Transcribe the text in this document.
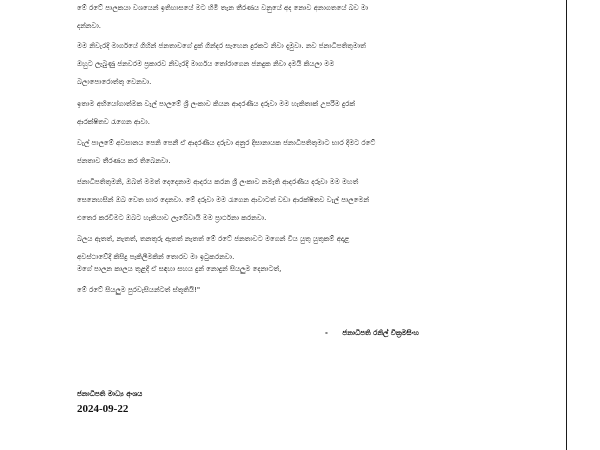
මේ රටේ පාලකයා වශයෙන් ඉතිහාසයේ මට හිමි තැන තීරණය වනුයේ අද නොව අනාගතයේ බව මා
දන්නවා.
මම නිවැරදි මාර්ගයේ ගිහින් ජනතාවගේ දුක් ගින්දර සැහෙන දුරකට නිවා දැමුවා. නව ජනාධිපතිතුමාත්
ඔහුට ලැබුණු ජනවරම ප්‍රකාරව නිවැරදි මාර්ගය තෝරාගෙන ජනදුක නිවා දමයි කියලා මම
බලාපොරොත්තු වෙනවා.
ඉතාම අභියෝගාත්මක වැල් පාලමේ ශ්‍රී ලංකාව කියන ආදරණීය දරුවා මම හැකිතාක් උපරිම දුරක්
ආරක්ෂිතව රැගෙන ආවා.
වැල් පාලමේ අවසානය පෙනි පෙනී ඒ ආදරණීය දරුවා අනුර දිසානායක ජනාධිපතිතුමාට භාර දීමට රටේ
ජනතාව තීරණය කර තිබෙනවා.
ජනාධිපතිතුමනි, ඔබත් මමත් දෙදෙනාම ආදරය කරන ශ්‍රී ලංකාව නමැති ආදරණීය දරුවා මම මහත්
සෙනෙහසින් ඔබ වෙත භාර දෙනවා. මේ දරුවා මම රැගෙන ආවාටත් වඩා ආරක්ෂිතව වැල් පාලමෙන්
එතෙර කරවීමට ඔබට හැකියාව ලැබේවායි මම ප්‍රාර්ථනා කරනවා.
බලය ඇතත්, නැතත්, තනතුරු ඇතත් නැතත් මේ රටේ ජනතාවට මගෙන් විය යුතු යුතුකම් අදාළ
අවස්ථාවේදී කිසිදු පැකිලීමකින් තොරව මා ඉටුකරනවා.
මගේ පාලන කාලය තුළදී ඒ සඳහා සහය දුන් නොදුන් සියලුම දෙනාටත්,
මේ රටේ සියලුම පුරවැසියන්ටත් ස්තූතියි!"
- ජනාධිපති රනිල් වික්‍රමසිංහ
ජනාධිපති මාධ්‍ය අංශය
2024-09-22
